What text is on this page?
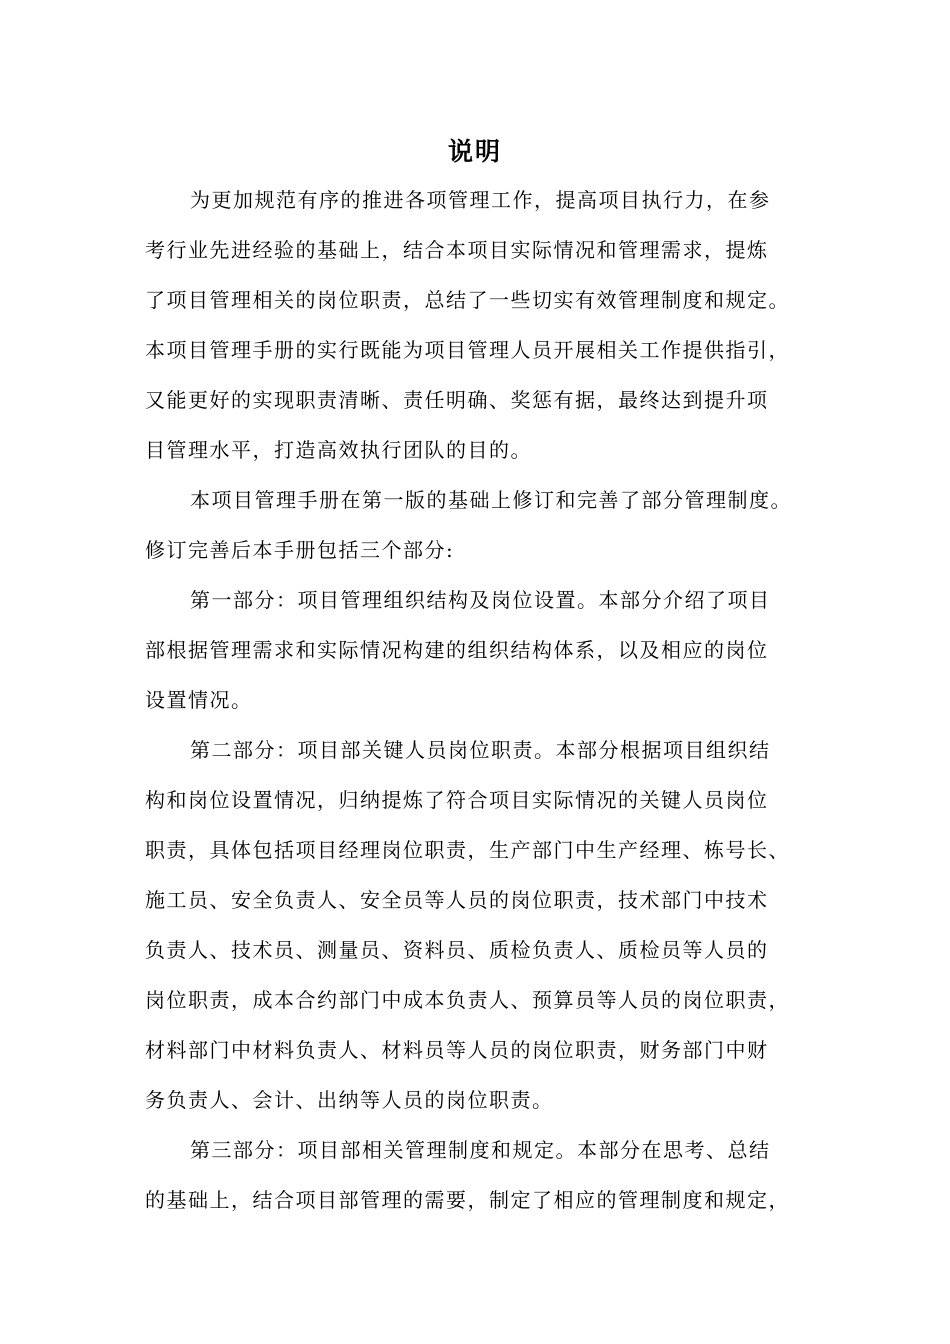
说明
为更加规范有序的推进各项管理工作，提高项目执行力，在参
考行业先进经验的基础上，结合本项目实际情况和管理需求，提炼
了项目管理相关的岗位职责，总结了一些切实有效管理制度和规定。
本项目管理手册的实行既能为项目管理人员开展相关工作提供指引，
又能更好的实现职责清晰、责任明确、奖惩有据，最终达到提升项
目管理水平，打造高效执行团队的目的。
本项目管理手册在第一版的基础上修订和完善了部分管理制度。
修订完善后本手册包括三个部分:
第一部分：项目管理组织结构及岗位设置。本部分介绍了项目
部根据管理需求和实际情况构建的组织结构体系，以及相应的岗位
设置情况。
第二部分：项目部关键人员岗位职责。本部分根据项目组织结
构和岗位设置情况，归纳提炼了符合项目实际情况的关键人员岗位
职责，具体包括项目经理岗位职责，生产部门中生产经理、栋号长、
施工员、安全负责人、安全员等人员的岗位职责，技术部门中技术
负责人、技术员、测量员、资料员、质检负责人、质检员等人员的
岗位职责，成本合约部门中成本负责人、预算员等人员的岗位职责，
材料部门中材料负责人、材料员等人员的岗位职责，财务部门中财
务负责人、会计、出纳等人员的岗位职责。
第三部分：项目部相关管理制度和规定。本部分在思考、总结
的基础上，结合项目部管理的需要，制定了相应的管理制度和规定，
